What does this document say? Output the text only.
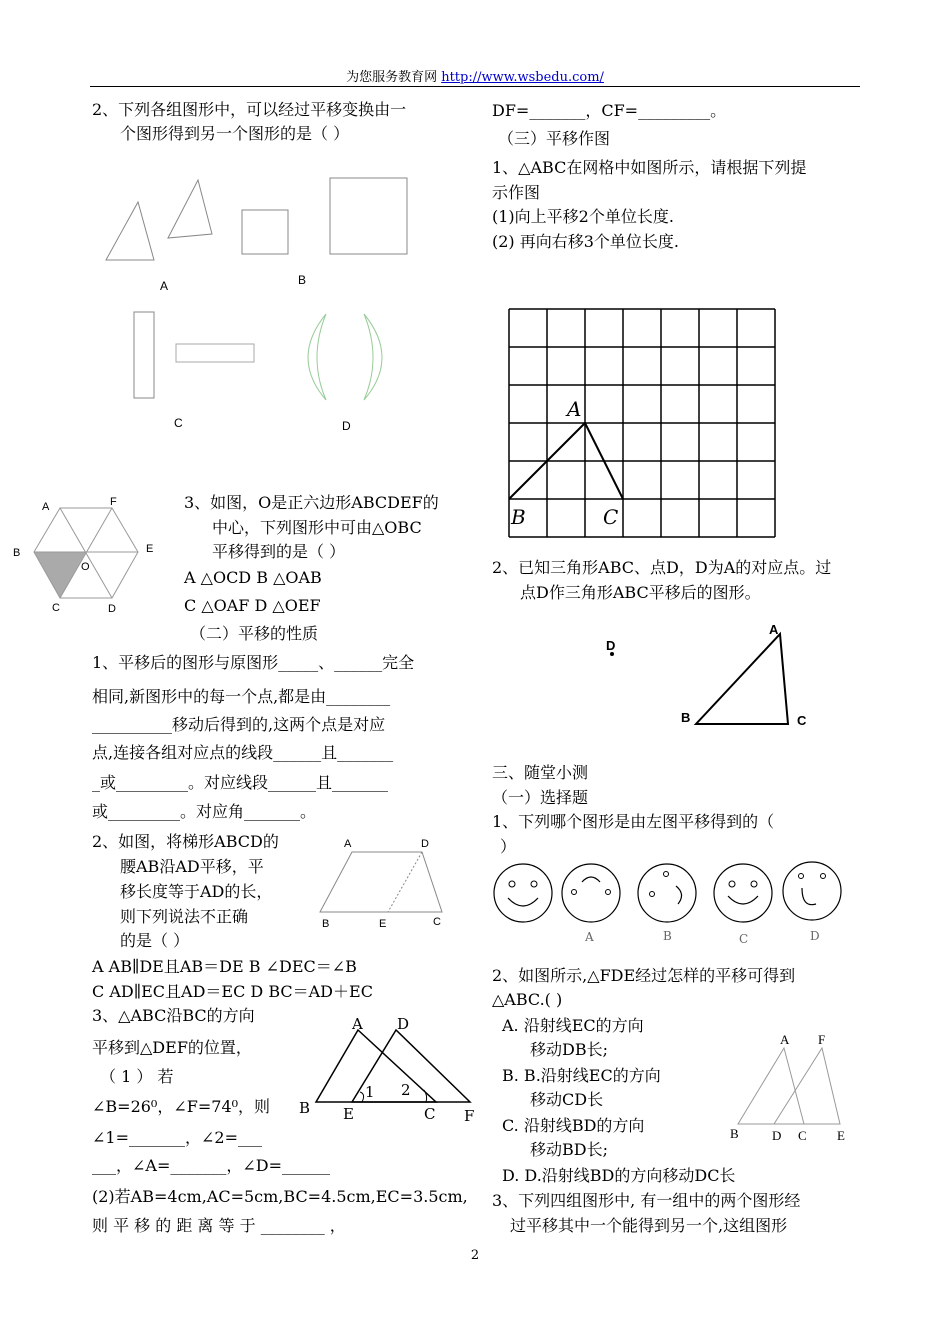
为您服务教育网 http://www.wsbedu.com/
2、下列各组图形中，可以经过平移变换由一
个图形得到另一个图形的是（ ）
A	B
C	D
A	F
B	E
O
C	D
3、如图，O是正六边形ABCDEF的
中心，下列图形中可由△OBC
平移得到的是（ ）
A △OCD B △OAB
C △OAF D △OEF
（二）平移的性质
1、平移后的图形与原图形_____、______完全
相同,新图形中的每一个点,都是由________
__________移动后得到的,这两个点是对应
点,连接各组对应点的线段______且_______
_或_________。对应线段______且_______
或_________。对应角_______。
2、如图，将梯形ABCD的
腰AB沿AD平移，平
移长度等于AD的长，
则下列说法不正确
的是（ ）
A AB∥DE且AB＝DE B ∠DEC＝∠B
C AD∥EC且AD＝EC D BC＝AD＋EC
A	D
B	E	C
3、△ABC沿BC的方向
平移到△DEF的位置，
（ 1 ） 若
∠B=26⁰，∠F=74⁰，则
∠1=_______，∠2=___
___，∠A=_______，∠D=______
(2)若AB=4cm,AC=5cm,BC=4.5cm,EC=3.5cm,
则 平 移 的 距 离 等 于 ________ ，
A D
1 2
B E	C F
DF=_______，CF=_________。
（三）平移作图
1、△ABC在网格中如图所示，请根据下列提
示作图
(1)向上平移2个单位长度.
(2) 再向右移3个单位长度.
A
B	C
2、已知三角形ABC、点D，D为A的对应点。过
点D作三角形ABC平移后的图形。
D
A
B	C
三、随堂小测
（一）选择题
1、下列哪个图形是由左图平移得到的（
）
A	B	C	D
2、如图所示,△FDE经过怎样的平移可得到
△ABC.( )
A. 沿射线EC的方向
移动DB长;
B. B.沿射线EC的方向
移动CD长
C. 沿射线BD的方向
移动BD长;
D. D.沿射线BD的方向移动DC长
A F
B	D C E
3、下列四组图形中, 有一组中的两个图形经
过平移其中一个能得到另一个,这组图形
2
